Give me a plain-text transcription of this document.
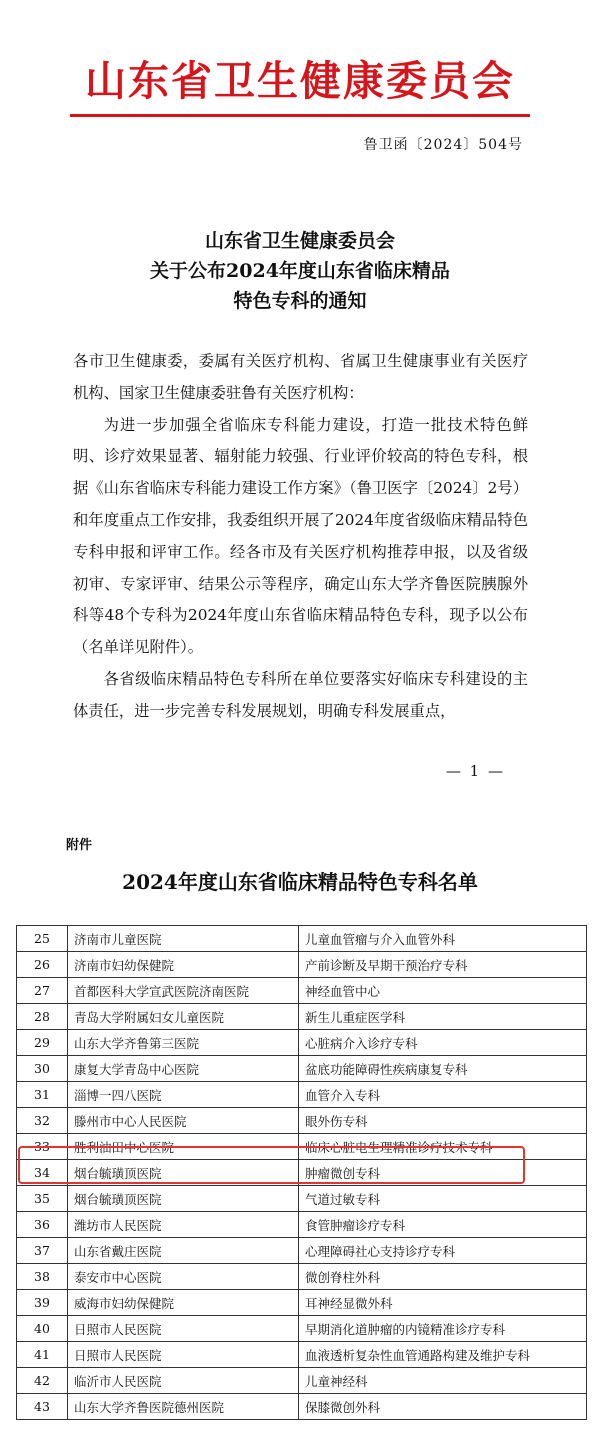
山东省卫生健康委员会
鲁卫函〔2024〕504号
山东省卫生健康委员会
关于公布2024年度山东省临床精品
特色专科的通知

各市卫生健康委，委属有关医疗机构、省属卫生健康事业有关医疗机构、国家卫生健康委驻鲁有关医疗机构：

为进一步加强全省临床专科能力建设，打造一批技术特色鲜明、诊疗效果显著、辐射能力较强、行业评价较高的特色专科，根据《山东省临床专科能力建设工作方案》（鲁卫医字〔2024〕2号）和年度重点工作安排，我委组织开展了2024年度省级临床精品特色专科申报和评审工作。经各市及有关医疗机构推荐申报，以及省级初审、专家评审、结果公示等程序，确定山东大学齐鲁医院胰腺外科等48个专科为2024年度山东省临床精品特色专科，现予以公布（名单详见附件）。

各省级临床精品特色专科所在单位要落实好临床专科建设的主体责任，进一步完善专科发展规划，明确专科发展重点，

— 1 —
附件
2024年度山东省临床精品特色专科名单
25	济南市儿童医院	儿童血管瘤与介入血管外科
26	济南市妇幼保健院	产前诊断及早期干预治疗专科
27	首都医科大学宣武医院济南医院	神经血管中心
28	青岛大学附属妇女儿童医院	新生儿重症医学科
29	山东大学齐鲁第三医院	心脏病介入诊疗专科
30	康复大学青岛中心医院	盆底功能障碍性疾病康复专科
31	淄博一四八医院	血管介入专科
32	滕州市中心人民医院	眼外伤专科
33	胜利油田中心医院	临床心脏电生理精准诊疗技术专科
34	烟台毓璜顶医院	肿瘤微创专科
35	烟台毓璜顶医院	气道过敏专科
36	潍坊市人民医院	食管肿瘤诊疗专科
37	山东省戴庄医院	心理障碍社心支持诊疗专科
38	泰安市中心医院	微创脊柱外科
39	威海市妇幼保健院	耳神经显微外科
40	日照市人民医院	早期消化道肿瘤的内镜精准诊疗专科
41	日照市人民医院	血液透析复杂性血管通路构建及维护专科
42	临沂市人民医院	儿童神经科
43	山东大学齐鲁医院德州医院	保膝微创外科
